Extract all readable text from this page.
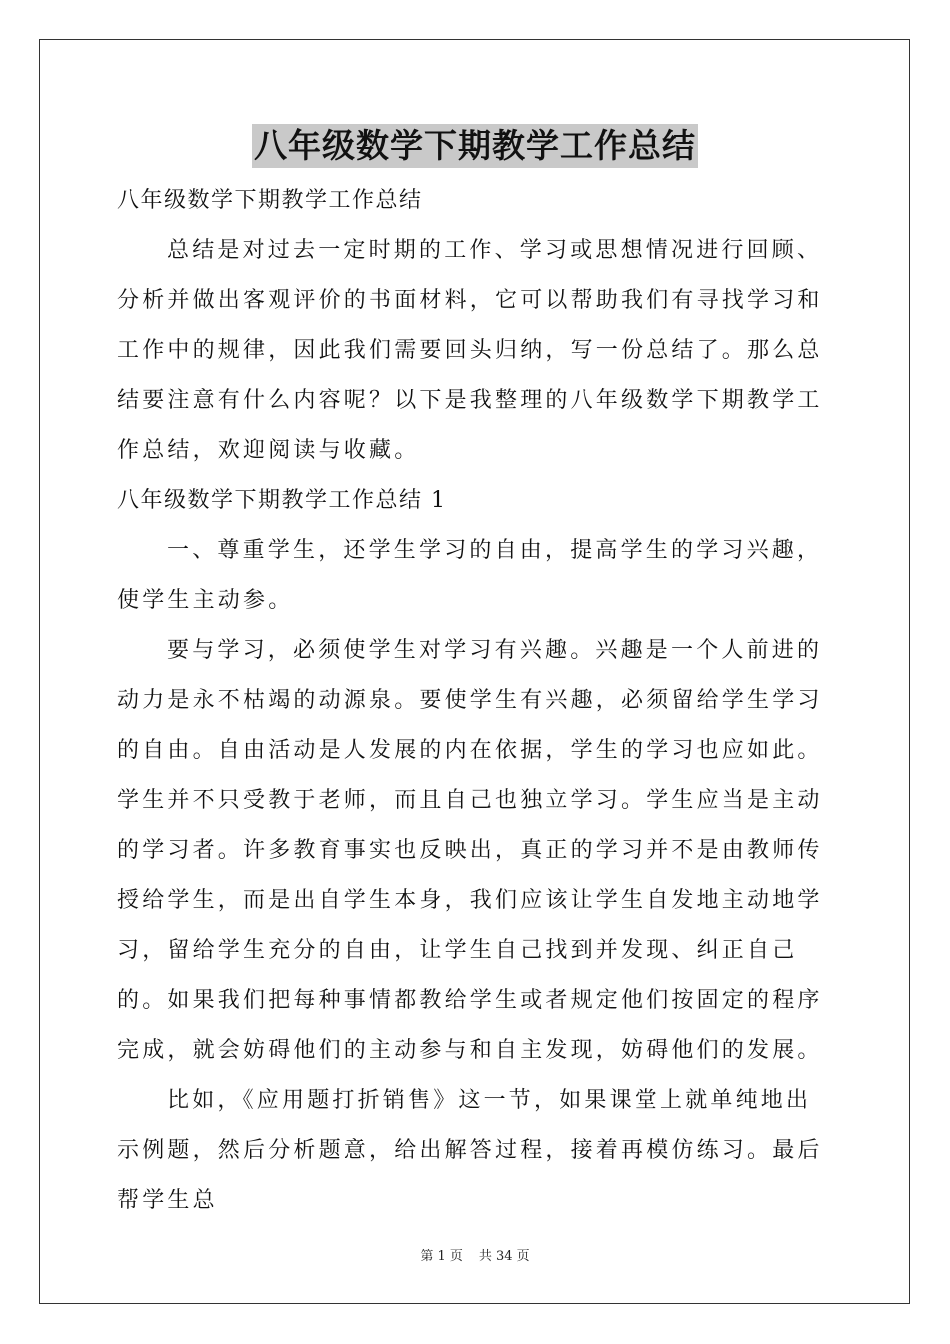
八年级数学下期教学工作总结

八年级数学下期教学工作总结

总结是对过去一定时期的工作、学习或思想情况进行回顾、分析并做出客观评价的书面材料，它可以帮助我们有寻找学习和工作中的规律，因此我们需要回头归纳，写一份总结了。那么总结要注意有什么内容呢？以下是我整理的八年级数学下期教学工作总结，欢迎阅读与收藏。

八年级数学下期教学工作总结 1

一、尊重学生，还学生学习的自由，提高学生的学习兴趣，使学生主动参。

要与学习，必须使学生对学习有兴趣。兴趣是一个人前进的动力是永不枯竭的动源泉。要使学生有兴趣，必须留给学生学习的自由。自由活动是人发展的内在依据，学生的学习也应如此。学生并不只受教于老师，而且自己也独立学习。学生应当是主动的学习者。许多教育事实也反映出，真正的学习并不是由教师传授给学生，而是出自学生本身，我们应该让学生自发地主动地学习，留给学生充分的自由，让学生自己找到并发现、纠正自己的。如果我们把每种事情都教给学生或者规定他们按固定的程序完成，就会妨碍他们的主动参与和自主发现，妨碍他们的发展。

比如，《应用题打折销售》这一节，如果课堂上就单纯地出示例题，然后分析题意，给出解答过程，接着再模仿练习。最后帮学生总

第 1 页 共 34 页
